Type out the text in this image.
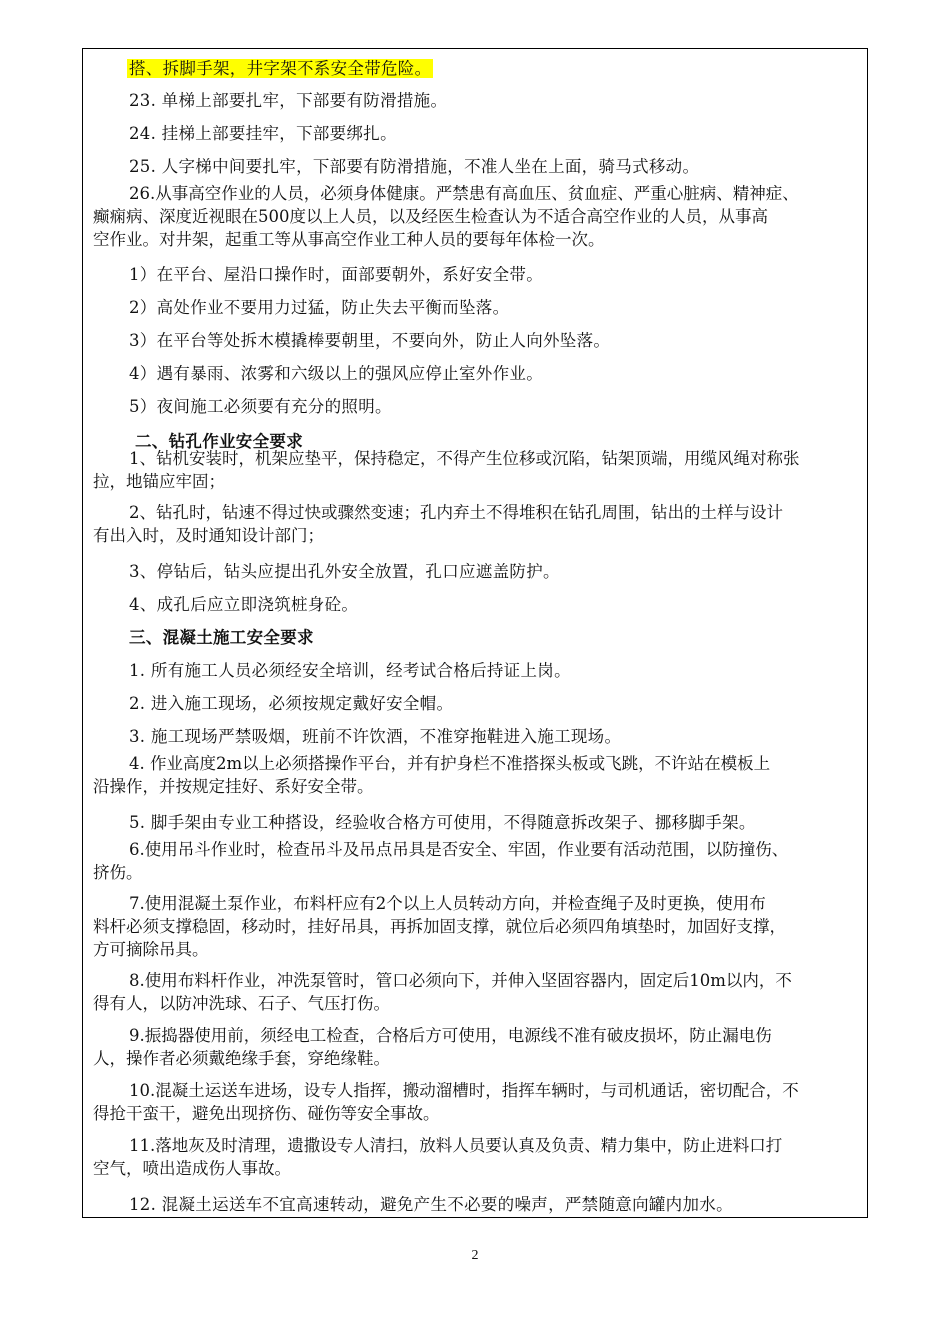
搭、拆脚手架，井字架不系安全带危险。
23. 单梯上部要扎牢，下部要有防滑措施。
24. 挂梯上部要挂牢，下部要绑扎。
25. 人字梯中间要扎牢，下部要有防滑措施，不准人坐在上面，骑马式移动。
26.从事高空作业的人员，必须身体健康。严禁患有高血压、贫血症、严重心脏病、精神症、
癫痫病、深度近视眼在500度以上人员，以及经医生检查认为不适合高空作业的人员，从事高
空作业。对井架，起重工等从事高空作业工种人员的要每年体检一次。
1）在平台、屋沿口操作时，面部要朝外，系好安全带。
2）高处作业不要用力过猛，防止失去平衡而坠落。
3）在平台等处拆木模撬棒要朝里，不要向外，防止人向外坠落。
4）遇有暴雨、浓雾和六级以上的强风应停止室外作业。
5）夜间施工必须要有充分的照明。
二、钻孔作业安全要求
1、钻机安装时，机架应垫平，保持稳定，不得产生位移或沉陷，钻架顶端，用缆风绳对称张
拉，地锚应牢固；
2、钻孔时，钻速不得过快或骤然变速；孔内弃土不得堆积在钻孔周围，钻出的土样与设计
有出入时，及时通知设计部门；
3、停钻后，钻头应提出孔外安全放置，孔口应遮盖防护。
4、成孔后应立即浇筑桩身砼。
三、混凝土施工安全要求
1. 所有施工人员必须经安全培训，经考试合格后持证上岗。
2. 进入施工现场，必须按规定戴好安全帽。
3. 施工现场严禁吸烟，班前不许饮酒，不准穿拖鞋进入施工现场。
4. 作业高度2m以上必须搭操作平台，并有护身栏不准搭探头板或飞跳，不许站在模板上
沿操作，并按规定挂好、系好安全带。
5. 脚手架由专业工种搭设，经验收合格方可使用，不得随意拆改架子、挪移脚手架。
6.使用吊斗作业时，检查吊斗及吊点吊具是否安全、牢固，作业要有活动范围，以防撞伤、
挤伤。
7.使用混凝土泵作业，布料杆应有2个以上人员转动方向，并检查绳子及时更换，使用布
料杆必须支撑稳固，移动时，挂好吊具，再拆加固支撑，就位后必须四角填垫时，加固好支撑，
方可摘除吊具。
8.使用布料杆作业，冲洗泵管时，管口必须向下，并伸入坚固容器内，固定后10m以内，不
得有人，以防冲洗球、石子、气压打伤。
9.振捣器使用前，须经电工检查，合格后方可使用，电源线不准有破皮损坏，防止漏电伤
人，操作者必须戴绝缘手套，穿绝缘鞋。
10.混凝土运送车进场，设专人指挥，搬动溜槽时，指挥车辆时，与司机通话，密切配合，不
得抢干蛮干，避免出现挤伤、碰伤等安全事故。
11.落地灰及时清理，遗撒设专人清扫，放料人员要认真及负责、精力集中，防止进料口打
空气，喷出造成伤人事故。
12. 混凝土运送车不宜高速转动，避免产生不必要的噪声，严禁随意向罐内加水。
2
